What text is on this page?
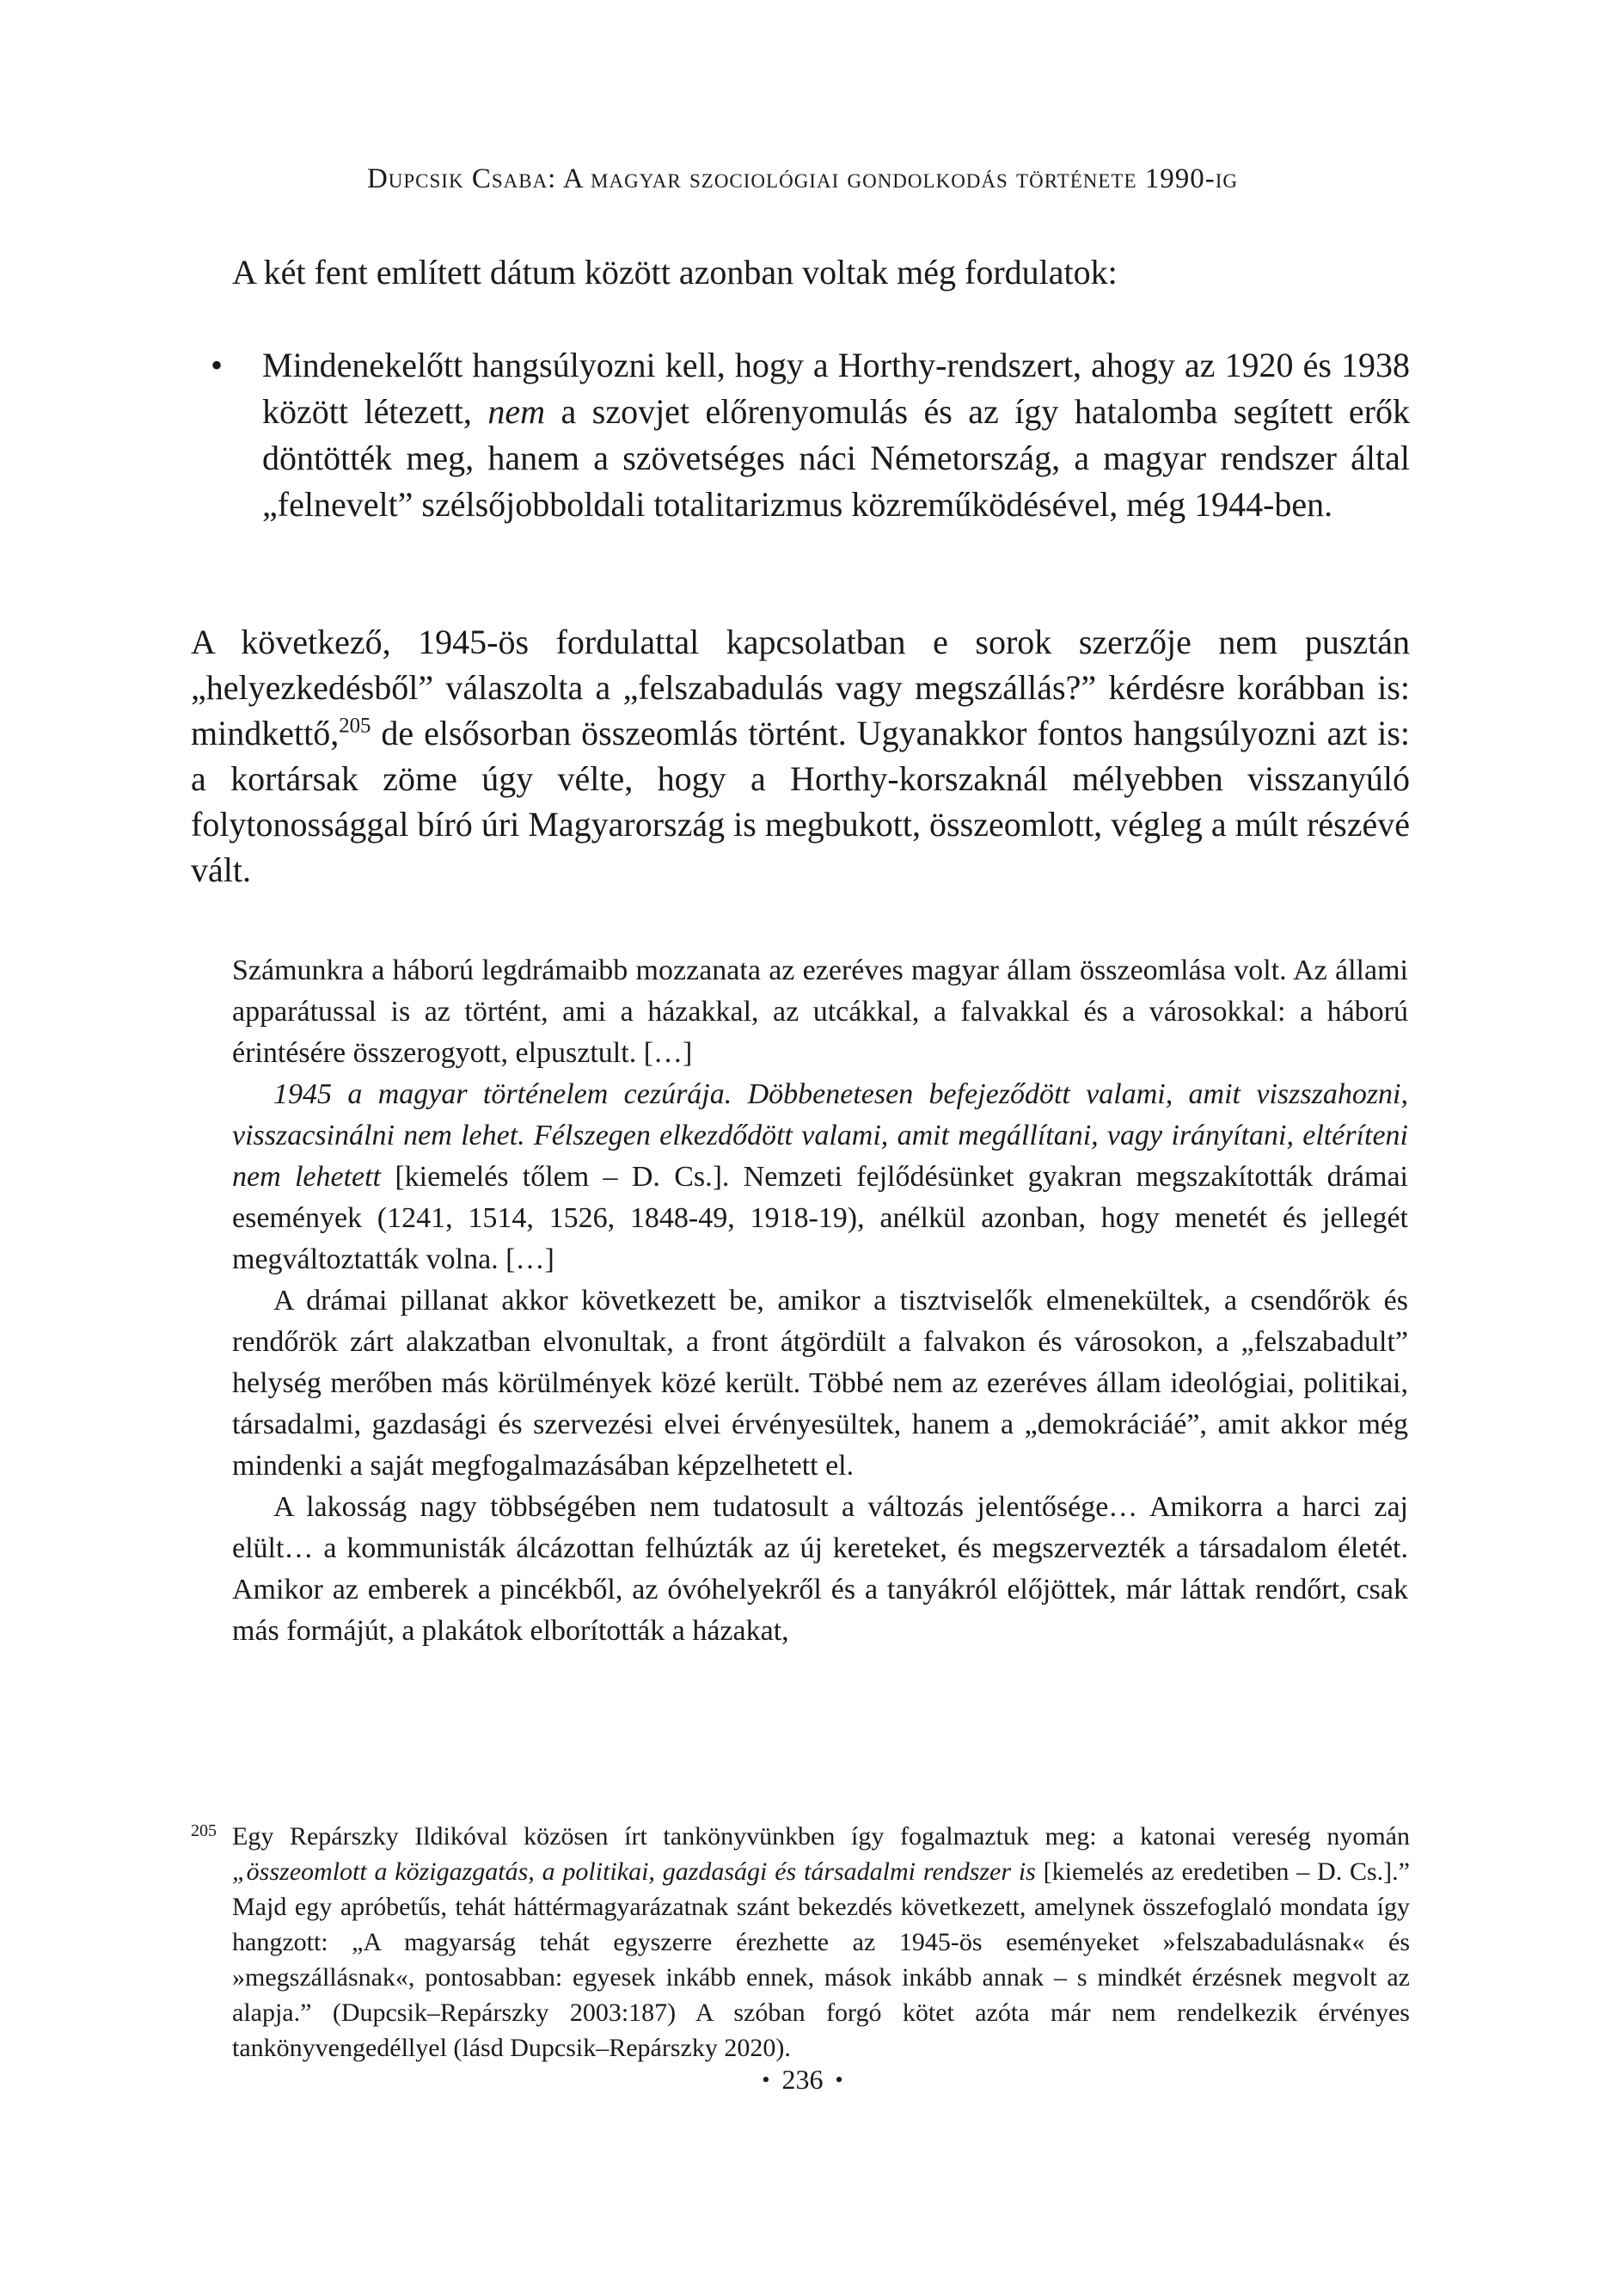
Dupcsik Csaba: A magyar szociológiai gondolkodás története 1990-ig

A két fent említett dátum között azonban voltak még fordulatok:

• Mindenekelőtt hangsúlyozni kell, hogy a Horthy-rendszert, ahogy az 1920 és 1938 között létezett, nem a szovjet előrenyomulás és az így hatalomba segített erők döntötték meg, hanem a szövetséges náci Németország, a magyar rendszer által „felnevelt” szélsőjobboldali totalitarizmus közreműködésével, még 1944-ben.

A következő, 1945-ös fordulattal kapcsolatban e sorok szerzője nem pusztán „helyezkedésből” válaszolta a „felszabadulás vagy megszállás?” kérdésre korábban is: mindkettő,$^{205}$ de elsősorban összeomlás történt. Ugyanakkor fontos hangsúlyozni azt is: a kortársak zöme úgy vélte, hogy a Horthy-korszaknál mélyebben visszanyúló folytonossággal bíró úri Magyarország is megbukott, összeomlott, végleg a múlt részévé vált.

Számunkra a háború legdrámaibb mozzanata az ezeréves magyar állam összeomlása volt. Az állami apparátussal is az történt, ami a házakkal, az utcákkal, a falvakkal és a városokkal: a háború érintésére összerogyott, elpusztult. […]

1945 a magyar történelem cezúrája. Döbbenetesen befejeződött valami, amit viszszahozni, visszacsinálni nem lehet. Félszegen elkezdődött valami, amit megállítani, vagy irányítani, eltéríteni nem lehetett [kiemelés tőlem – D. Cs.]. Nemzeti fejlődésünket gyakran megszakították drámai események (1241, 1514, 1526, 1848-49, 1918-19), anélkül azonban, hogy menetét és jellegét megváltoztatták volna. […]

A drámai pillanat akkor következett be, amikor a tisztviselők elmenekültek, a csendőrök és rendőrök zárt alakzatban elvonultak, a front átgördült a falvakon és városokon, a „felszabadult” helység merőben más körülmények közé került. Többé nem az ezeréves állam ideológiai, politikai, társadalmi, gazdasági és szervezési elvei érvényesültek, hanem a „demokráciáé”, amit akkor még mindenki a saját megfogalmazásában képzelhetett el.

A lakosság nagy többségében nem tudatosult a változás jelentősége… Amikorra a harci zaj elült… a kommunisták álcázottan felhúzták az új kereteket, és megszervezték a társadalom életét. Amikor az emberek a pincékből, az óvóhelyekről és a tanyákról előjöttek, már láttak rendőrt, csak más formájút, a plakátok elborították a házakat,

205 Egy Repárszky Ildikóval közösen írt tankönyvünkben így fogalmaztuk meg: a katonai vereség nyomán „összeomlott a közigazgatás, a politikai, gazdasági és társadalmi rendszer is [kiemelés az eredetiben – D. Cs.].” Majd egy apróbetűs, tehát háttérmagyarázatnak szánt bekezdés következett, amelynek összefoglaló mondata így hangzott: „A magyarság tehát egyszerre érezhette az 1945-ös eseményeket »felszabadulásnak« és »megszállásnak«, pontosabban: egyesek inkább ennek, mások inkább annak – s mindkét érzésnek megvolt az alapja.” (Dupcsik–Repárszky 2003:187) A szóban forgó kötet azóta már nem rendelkezik érvényes tankönyvengedéllyel (lásd Dupcsik–Repárszky 2020).
• 236 •
